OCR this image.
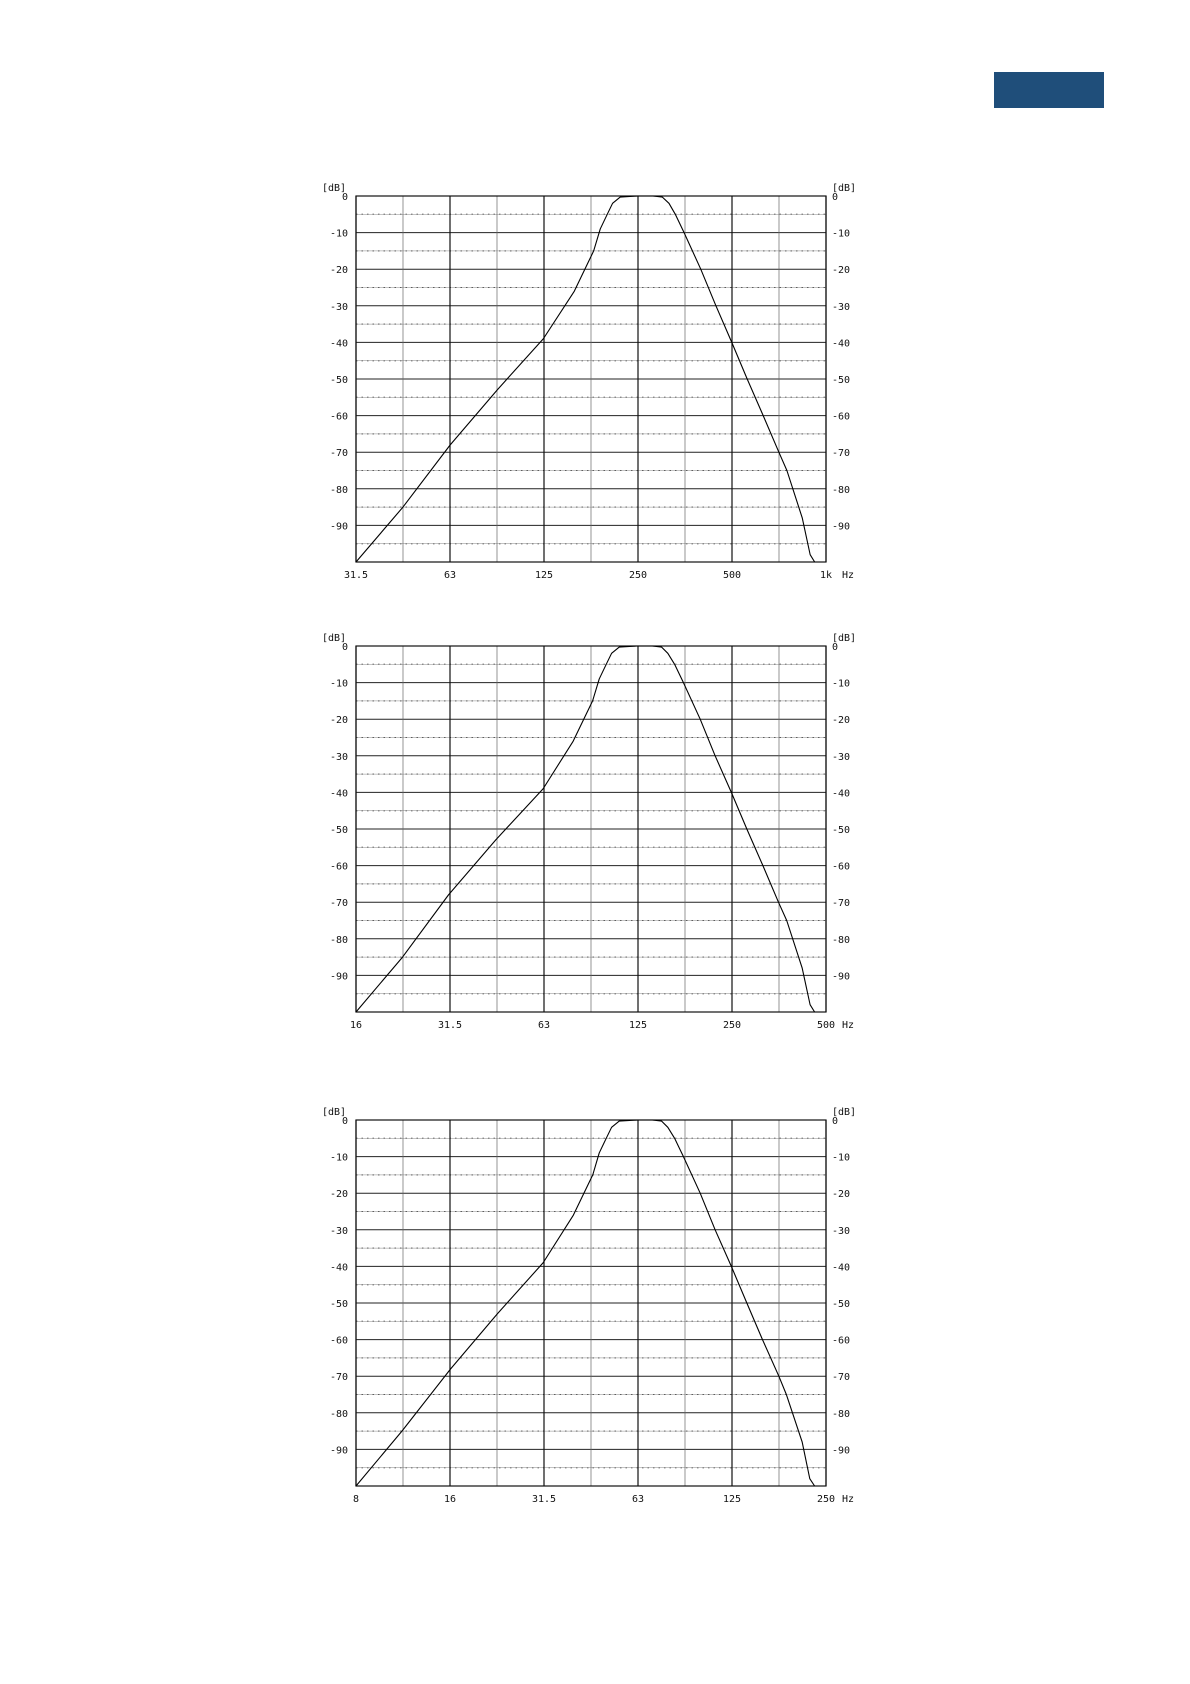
[dB]	[dB]
0	0
-10	-10
-20	-20
-30	-30
-40	-40
-50	-50
-60	-60
-70	-70
-80	-80
-90	-90
31.5	63	125	250	500	1k Hz
[dB]	[dB]
0	0
-10	-10
-20	-20
-30	-30
-40	-40
-50	-50
-60	-60
-70	-70
-80	-80
-90	-90
16	31.5	63	125	250	500 Hz
[dB]	[dB]
0	0
-10	-10
-20	-20
-30	-30
-40	-40
-50	-50
-60	-60
-70	-70
-80	-80
-90	-90
8	16	31.5	63	125	250 Hz
